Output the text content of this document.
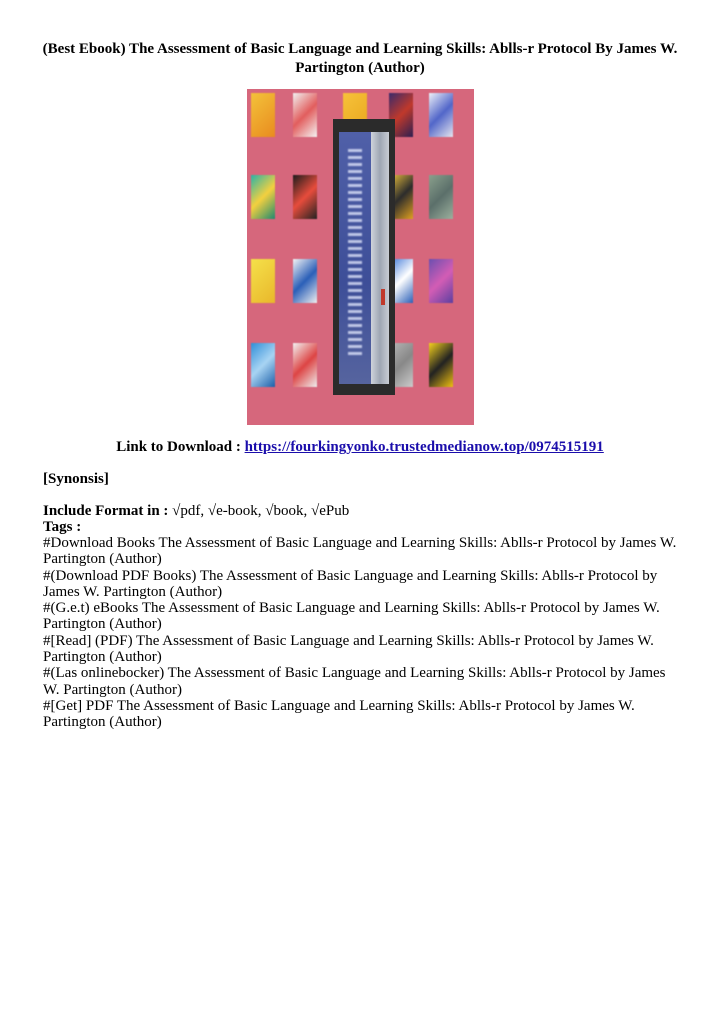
(Best Ebook) The Assessment of Basic Language and Learning Skills: Ablls-r Protocol By James W. Partington (Author)
Link to Download : https://fourkingyonko.trustedmedianow.top/0974515191
[Synonsis]
Include Format in : √pdf, √e-book, √book, √ePub
Tags :
#Download Books The Assessment of Basic Language and Learning Skills: Ablls-r Protocol by James W. Partington (Author)
#(Download PDF Books) The Assessment of Basic Language and Learning Skills: Ablls-r Protocol by James W. Partington (Author)
#(G.e.t) eBooks The Assessment of Basic Language and Learning Skills: Ablls-r Protocol by James W. Partington (Author)
#[Read] (PDF) The Assessment of Basic Language and Learning Skills: Ablls-r Protocol by James W. Partington (Author)
#(Las onlinebocker) The Assessment of Basic Language and Learning Skills: Ablls-r Protocol by James W. Partington (Author)
#[Get] PDF The Assessment of Basic Language and Learning Skills: Ablls-r Protocol by James W. Partington (Author)
